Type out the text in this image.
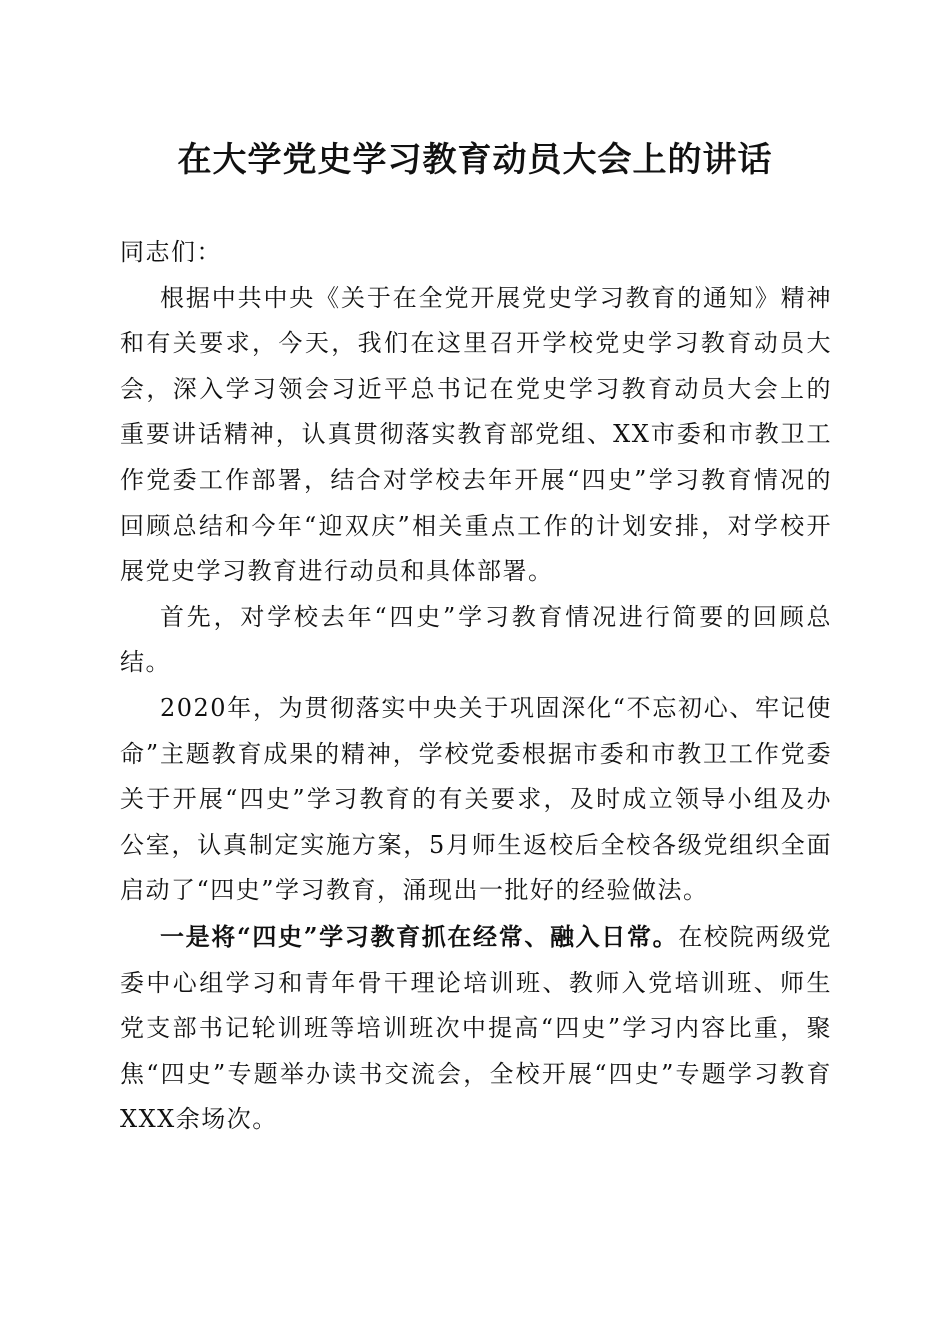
在大学党史学习教育动员大会上的讲话

同志们：

根据中共中央《关于在全党开展党史学习教育的通知》精神和有关要求，今天，我们在这里召开学校党史学习教育动员大会，深入学习领会习近平总书记在党史学习教育动员大会上的重要讲话精神，认真贯彻落实教育部党组、XX市委和市教卫工作党委工作部署，结合对学校去年开展“四史”学习教育情况的回顾总结和今年“迎双庆”相关重点工作的计划安排，对学校开展党史学习教育进行动员和具体部署。

首先，对学校去年“四史”学习教育情况进行简要的回顾总结。

2020年，为贯彻落实中央关于巩固深化“不忘初心、牢记使命”主题教育成果的精神，学校党委根据市委和市教卫工作党委关于开展“四史”学习教育的有关要求，及时成立领导小组及办公室，认真制定实施方案，5月师生返校后全校各级党组织全面启动了“四史”学习教育，涌现出一批好的经验做法。

一是将“四史”学习教育抓在经常、融入日常。在校院两级党委中心组学习和青年骨干理论培训班、教师入党培训班、师生党支部书记轮训班等培训班次中提高“四史”学习内容比重，聚焦“四史”专题举办读书交流会，全校开展“四史”专题学习教育XXX余场次。
